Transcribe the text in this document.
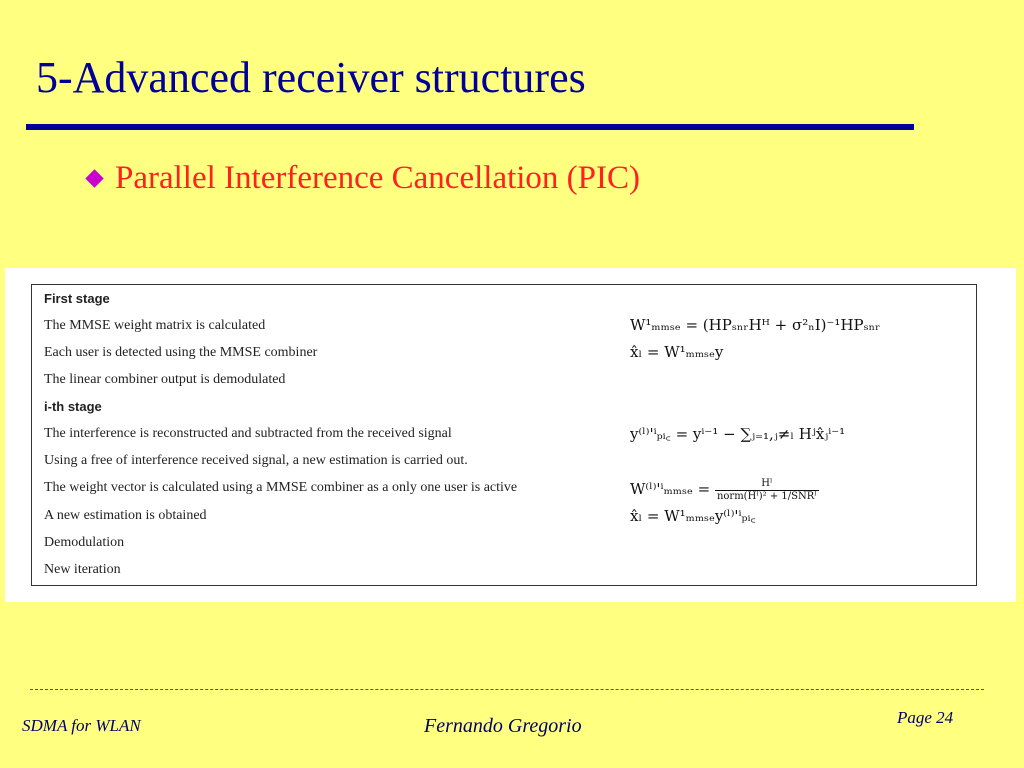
5-Advanced receiver structures
Parallel Interference Cancellation (PIC)
First stage
The MMSE weight matrix is calculated	W¹ₘₘₛₑ = (HPₛₙᵣHᴴ + σ²ₙI)⁻¹HPₛₙᵣ
Each user is detected using the MMSE combiner	x̂ₗ = W¹ₘₘₛₑy
The linear combiner output is demodulated
i-th stage
The interference is reconstructed and subtracted from the received signal	y⁽ˡ⁾'ⁱₚᵢ꜀ = yⁱ⁻¹ − ∑ⱼ₌₁,ⱼ≠ₗ Hʲx̂ⱼⁱ⁻¹
Using a free of interference received signal, a new estimation is carried out.
The weight vector is calculated using a MMSE combiner as a only one user is active	W⁽ˡ⁾'ⁱₘₘₛₑ = $\frac{\text{Hˡ}}{\text{norm(Hˡ)² + 1/SNRˡ}}$
A new estimation is obtained	x̂ₗ = W¹ₘₘₛₑy⁽ˡ⁾'ⁱₚᵢ꜀
Demodulation
New iteration
SDMA for WLAN	Fernando Gregorio	Page 24
